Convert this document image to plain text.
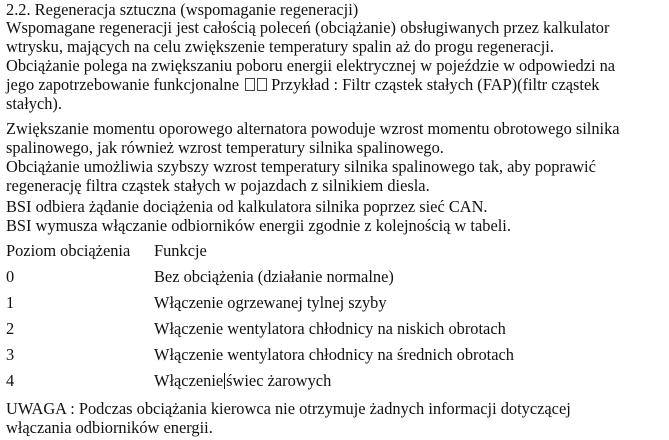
2.2. Regeneracja sztuczna (wspomaganie regeneracji)
Wspomagane regeneracji jest całością poleceń (obciążanie) obsługiwanych przez kalkulator
wtrysku, mających na celu zwiększenie temperatury spalin aż do progu regeneracji.
Obciążanie polega na zwiększaniu poboru energii elektrycznej w pojeździe w odpowiedzi na
jego zapotrzebowanie funkcjonalne Przykład : Filtr cząstek stałych (FAP)(filtr cząstek
stałych).
Zwiększanie momentu oporowego alternatora powoduje wzrost momentu obrotowego silnika
spalinowego, jak również wzrost temperatury silnika spalinowego.
Obciążanie umożliwia szybszy wzrost temperatury silnika spalinowego tak, aby poprawić
regenerację filtra cząstek stałych w pojazdach z silnikiem diesla.
BSI odbiera żądanie dociążenia od kalkulatora silnika poprzez sieć CAN.
BSI wymusza włączanie odbiorników energii zgodnie z kolejnością w tabeli.
Poziom obciążenia Funkcje
0	Bez obciążenia (działanie normalne)
1	Włączenie ogrzewanej tylnej szyby
2	Włączenie wentylatora chłodnicy na niskich obrotach
3	Włączenie wentylatora chłodnicy na średnich obrotach
4	Włączenie świec żarowych
UWAGA : Podczas obciążania kierowca nie otrzymuje żadnych informacji dotyczącej
włączania odbiorników energii.
